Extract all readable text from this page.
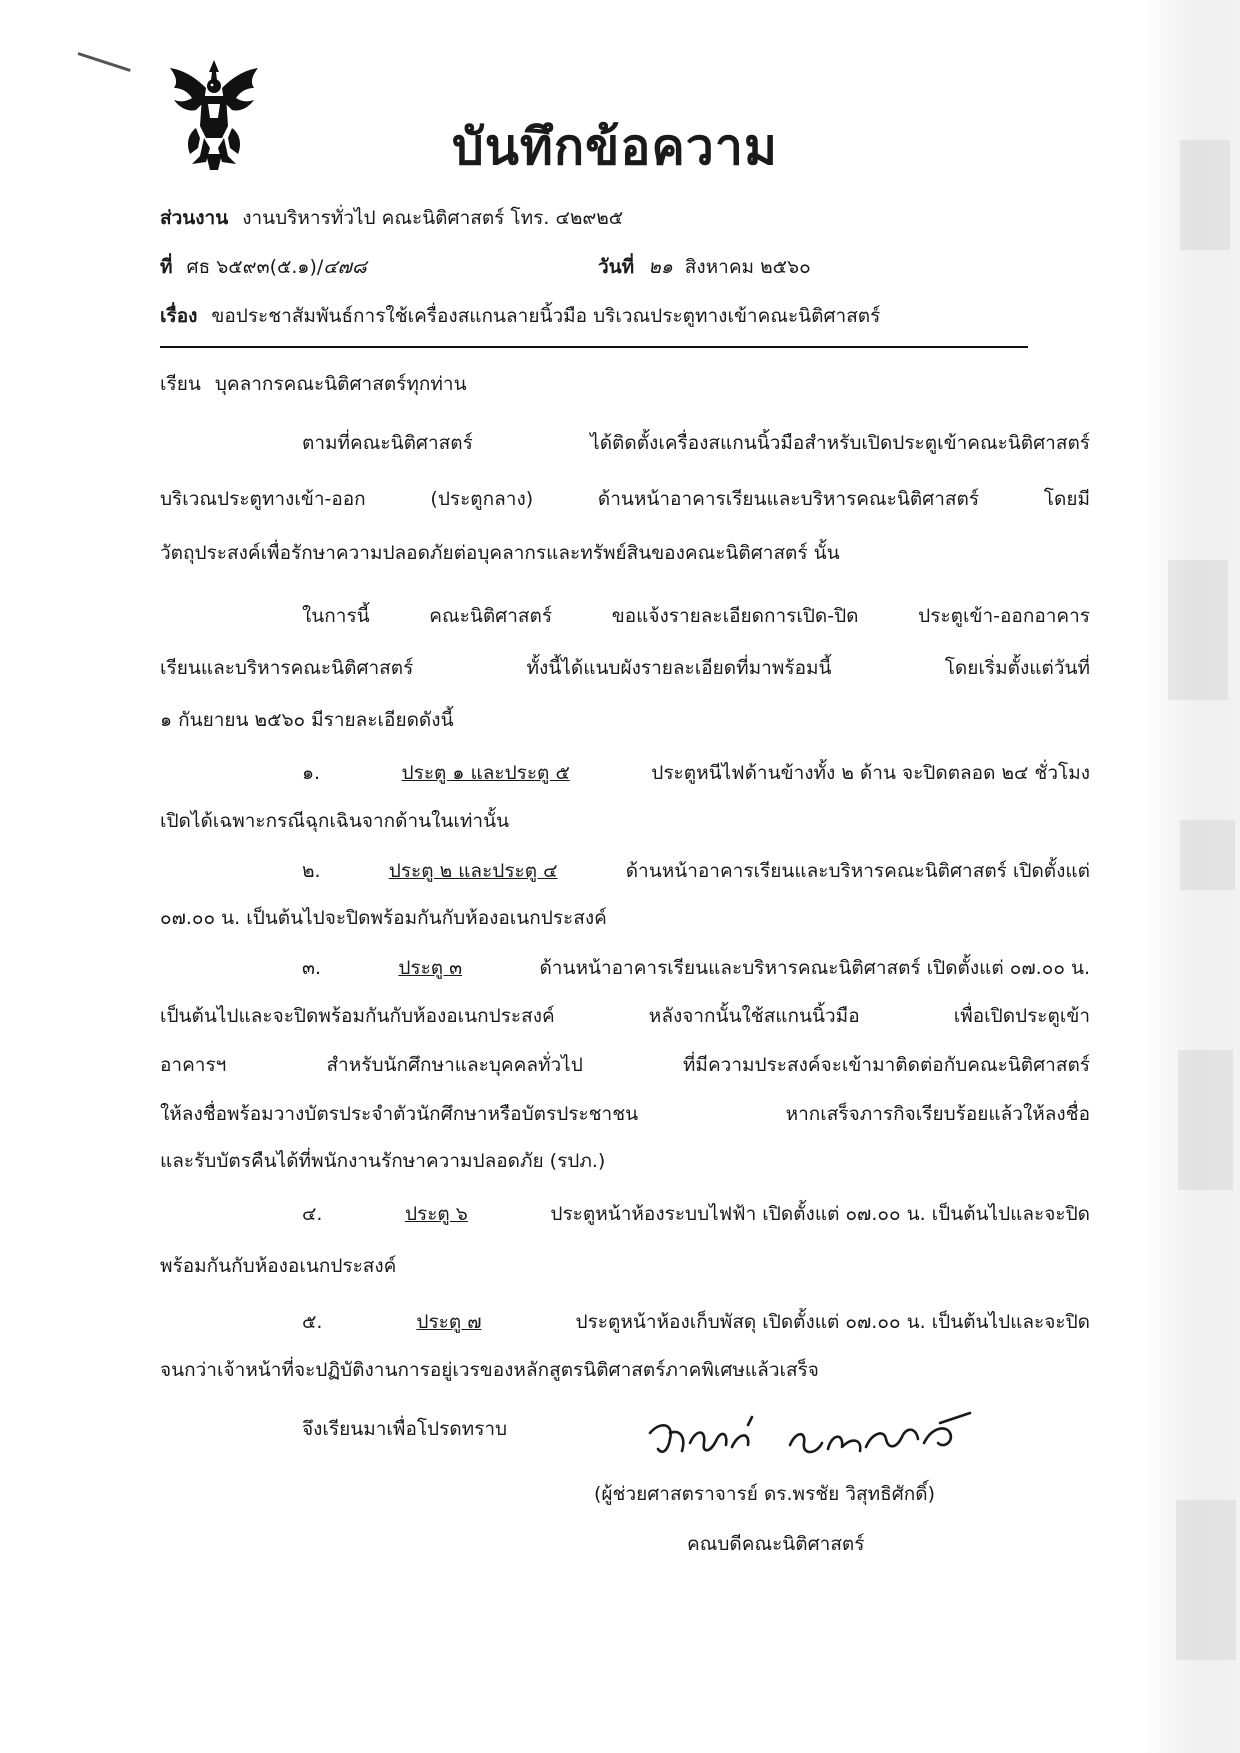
บันทึกข้อความ
ส่วนงาน งานบริหารทั่วไป คณะนิติศาสตร์ โทร. ๔๒๙๒๕
ที่ ศธ ๖๕๙๓(๕.๑)/๔๗๘	วันที่ ๒๑ สิงหาคม ๒๕๖๐
เรื่อง ขอประชาสัมพันธ์การใช้เครื่องสแกนลายนิ้วมือ บริเวณประตูทางเข้าคณะนิติศาสตร์
เรียน บุคลากรคณะนิติศาสตร์ทุกท่าน
ตามที่คณะนิติศาสตร์ ได้ติดตั้งเครื่องสแกนนิ้วมือสำหรับเปิดประตูเข้าคณะนิติศาสตร์
บริเวณประตูทางเข้า-ออก (ประตูกลาง) ด้านหน้าอาคารเรียนและบริหารคณะนิติศาสตร์ โดยมี
วัตถุประสงค์เพื่อรักษาความปลอดภัยต่อบุคลากรและทรัพย์สินของคณะนิติศาสตร์ นั้น
ในการนี้ คณะนิติศาสตร์ ขอแจ้งรายละเอียดการเปิด-ปิด ประตูเข้า-ออกอาคาร
เรียนและบริหารคณะนิติศาสตร์ ทั้งนี้ได้แนบผังรายละเอียดที่มาพร้อมนี้ โดยเริ่มตั้งแต่วันที่
๑ กันยายน ๒๕๖๐ มีรายละเอียดดังนี้
๑.	ประตู ๑ และประตู ๕	ประตูหนีไฟด้านข้างทั้ง ๒ ด้าน จะปิดตลอด ๒๔ ชั่วโมง
เปิดได้เฉพาะกรณีฉุกเฉินจากด้านในเท่านั้น
๒.	ประตู ๒ และประตู ๔	ด้านหน้าอาคารเรียนและบริหารคณะนิติศาสตร์ เปิดตั้งแต่
๐๗.๐๐ น. เป็นต้นไปจะปิดพร้อมกันกับห้องอเนกประสงค์
๓.	ประตู ๓	ด้านหน้าอาคารเรียนและบริหารคณะนิติศาสตร์ เปิดตั้งแต่ ๐๗.๐๐ น.
เป็นต้นไปและจะปิดพร้อมกันกับห้องอเนกประสงค์ หลังจากนั้นใช้สแกนนิ้วมือ เพื่อเปิดประตูเข้า
อาคารฯ สำหรับนักศึกษาและบุคคลทั่วไป ที่มีความประสงค์จะเข้ามาติดต่อกับคณะนิติศาสตร์
ให้ลงชื่อพร้อมวางบัตรประจำตัวนักศึกษาหรือบัตรประชาชน หากเสร็จภารกิจเรียบร้อยแล้วให้ลงชื่อ
และรับบัตรคืนได้ที่พนักงานรักษาความปลอดภัย (รปภ.)
๔.	ประตู ๖	ประตูหน้าห้องระบบไฟฟ้า เปิดตั้งแต่ ๐๗.๐๐ น. เป็นต้นไปและจะปิด
พร้อมกันกับห้องอเนกประสงค์
๕.	ประตู ๗	ประตูหน้าห้องเก็บพัสดุ เปิดตั้งแต่ ๐๗.๐๐ น. เป็นต้นไปและจะปิด
จนกว่าเจ้าหน้าที่จะปฏิบัติงานการอยู่เวรของหลักสูตรนิติศาสตร์ภาคพิเศษแล้วเสร็จ
จึงเรียนมาเพื่อโปรดทราบ
(ผู้ช่วยศาสตราจารย์ ดร.พรชัย วิสุทธิศักดิ์)
คณบดีคณะนิติศาสตร์
